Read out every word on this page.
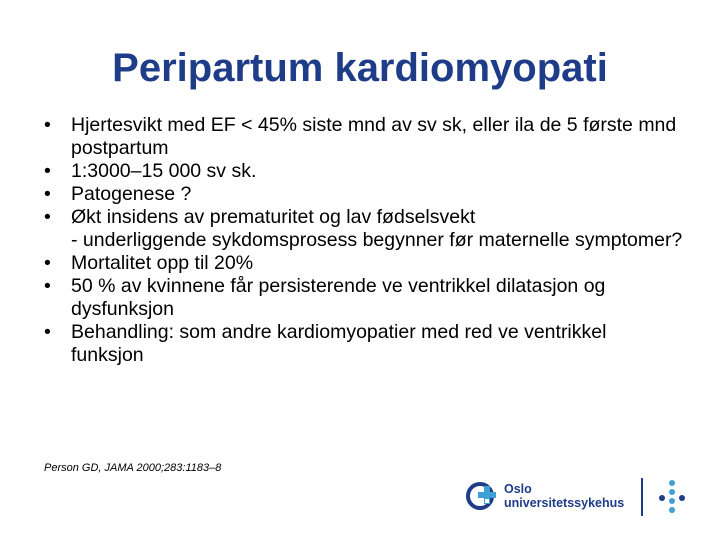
Peripartum kardiomyopati
• Hjertesvikt med EF < 45% siste mnd av sv sk, eller ila de 5 første mnd postpartum
• 1:3000–15 000 sv sk.
• Patogenese ?
• Økt insidens av prematuritet og lav fødselsvekt
- underliggende sykdomsprosess begynner før maternelle symptomer?
• Mortalitet opp til 20%
• 50 % av kvinnene får persisterende ve ventrikkel dilatasjon og dysfunksjon
• Behandling: som andre kardiomyopatier med red ve ventrikkel funksjon
Person GD, JAMA 2000;283:1183–8
Oslo
universitetssykehus
